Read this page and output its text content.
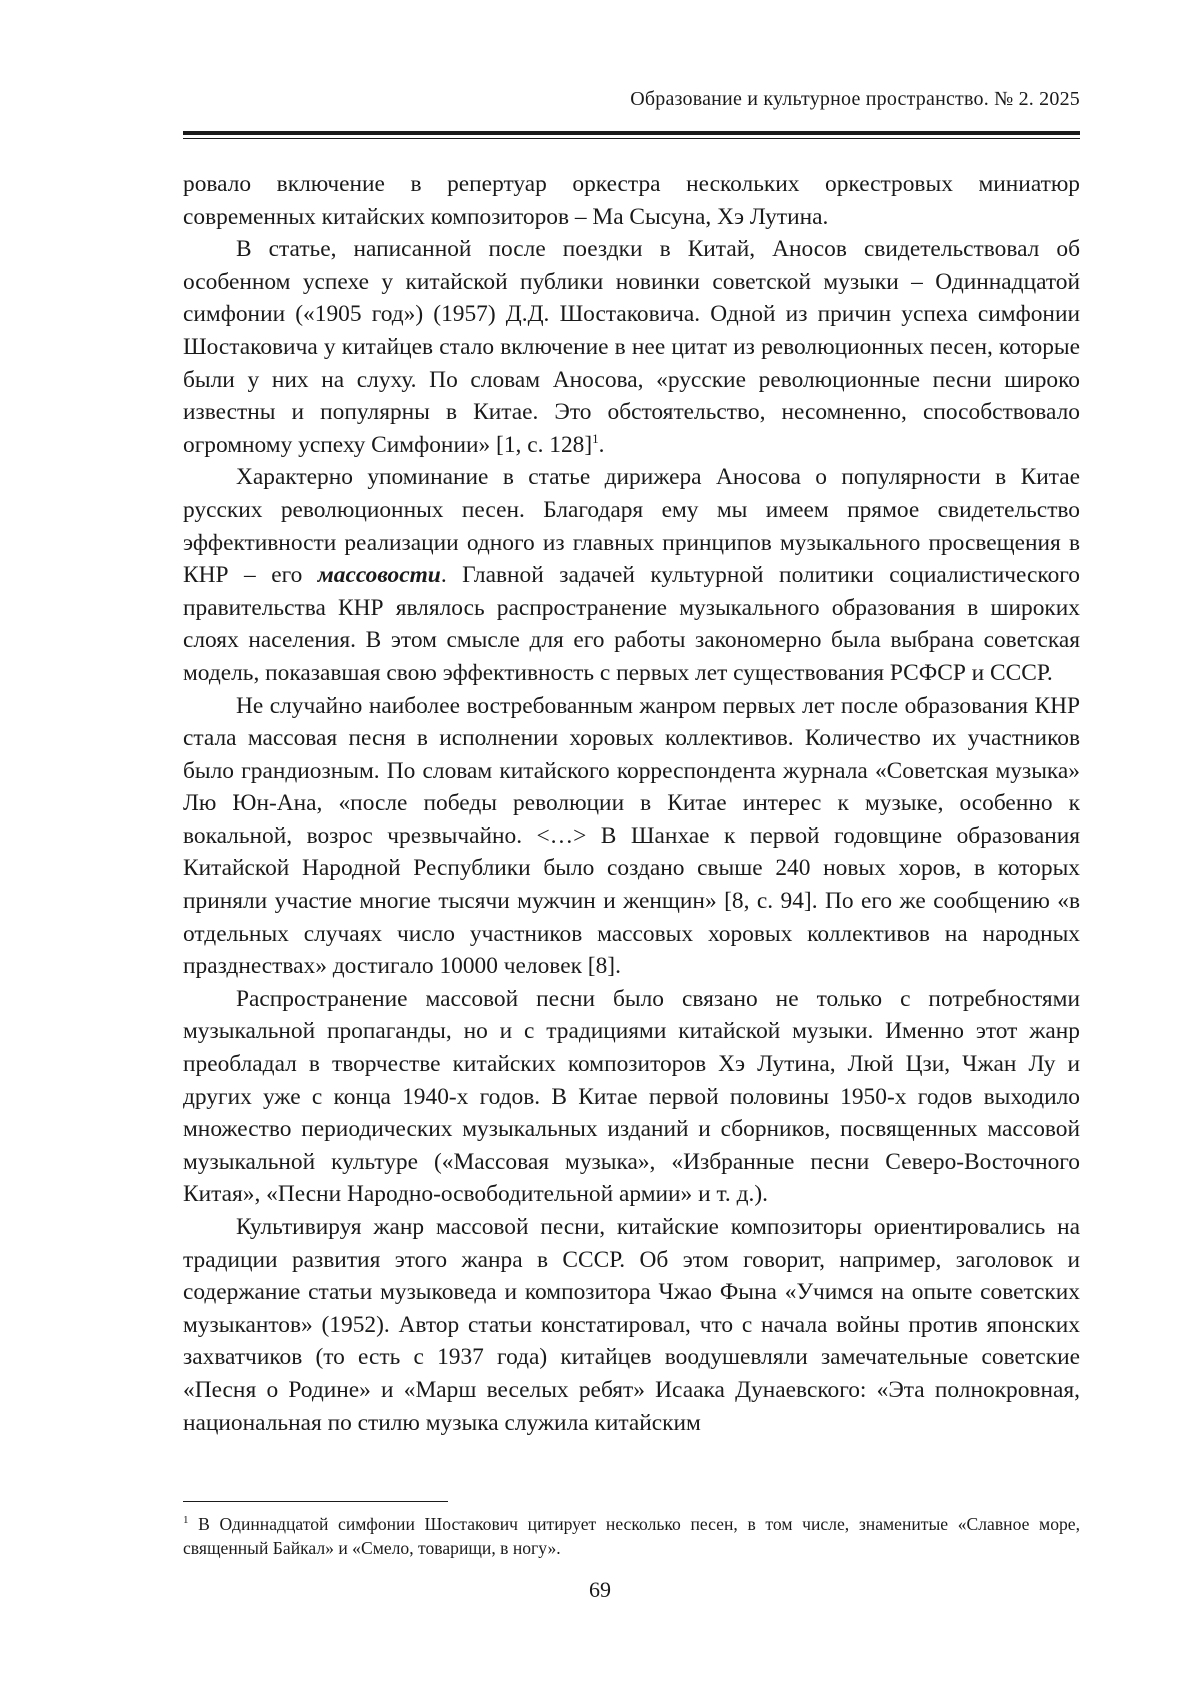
Образование и культурное пространство. № 2. 2025

ровало включение в репертуар оркестра нескольких оркестровых миниатюр современных китайских композиторов – Ма Сысуна, Хэ Лутина.

В статье, написанной после поездки в Китай, Аносов свидетельствовал об особенном успехе у китайской публики новинки советской музыки – Одиннадцатой симфонии («1905 год») (1957) Д.Д. Шостаковича. Одной из причин успеха симфонии Шостаковича у китайцев стало включение в нее цитат из революционных песен, которые были у них на слуху. По словам Аносова, «русские революционные песни широко известны и популярны в Китае. Это обстоятельство, несомненно, способствовало огромному успеху Симфонии» [1, с. 128]$^1$.

Характерно упоминание в статье дирижера Аносова о популярности в Китае русских революционных песен. Благодаря ему мы имеем прямое свидетельство эффективности реализации одного из главных принципов музыкального просвещения в КНР – его массовости. Главной задачей культурной политики социалистического правительства КНР являлось распространение музыкального образования в широких слоях населения. В этом смысле для его работы закономерно была выбрана советская модель, показавшая свою эффективность с первых лет существования РСФСР и СССР.

Не случайно наиболее востребованным жанром первых лет после образования КНР стала массовая песня в исполнении хоровых коллективов. Количество их участников было грандиозным. По словам китайского корреспондента журнала «Советская музыка» Лю Юн-Ана, «после победы революции в Китае интерес к музыке, особенно к вокальной, возрос чрезвычайно. <…> В Шанхае к первой годовщине образования Китайской Народной Республики было создано свыше 240 новых хоров, в которых приняли участие многие тысячи мужчин и женщин» [8, с. 94]. По его же сообщению «в отдельных случаях число участников массовых хоровых коллективов на народных празднествах» достигало 10000 человек [8].

Распространение массовой песни было связано не только с потребностями музыкальной пропаганды, но и с традициями китайской музыки. Именно этот жанр преобладал в творчестве китайских композиторов Хэ Лутина, Люй Цзи, Чжан Лу и других уже с конца 1940-х годов. В Китае первой половины 1950-х годов выходило множество периодических музыкальных изданий и сборников, посвященных массовой музыкальной культуре («Массовая музыка», «Избранные песни Северо-Восточного Китая», «Песни Народно-освободительной армии» и т. д.).

Культивируя жанр массовой песни, китайские композиторы ориентировались на традиции развития этого жанра в СССР. Об этом говорит, например, заголовок и содержание статьи музыковеда и композитора Чжао Фына «Учимся на опыте советских музыкантов» (1952). Автор статьи констатировал, что с начала войны против японских захватчиков (то есть с 1937 года) китайцев воодушевляли замечательные советские «Песня о Родине» и «Марш веселых ребят» Исаака Дунаевского: «Эта полнокровная, национальная по стилю музыка служила китайским

$^1$ В Одиннадцатой симфонии Шостакович цитирует несколько песен, в том числе, знаменитые «Славное море, священный Байкал» и «Смело, товарищи, в ногу».
69
